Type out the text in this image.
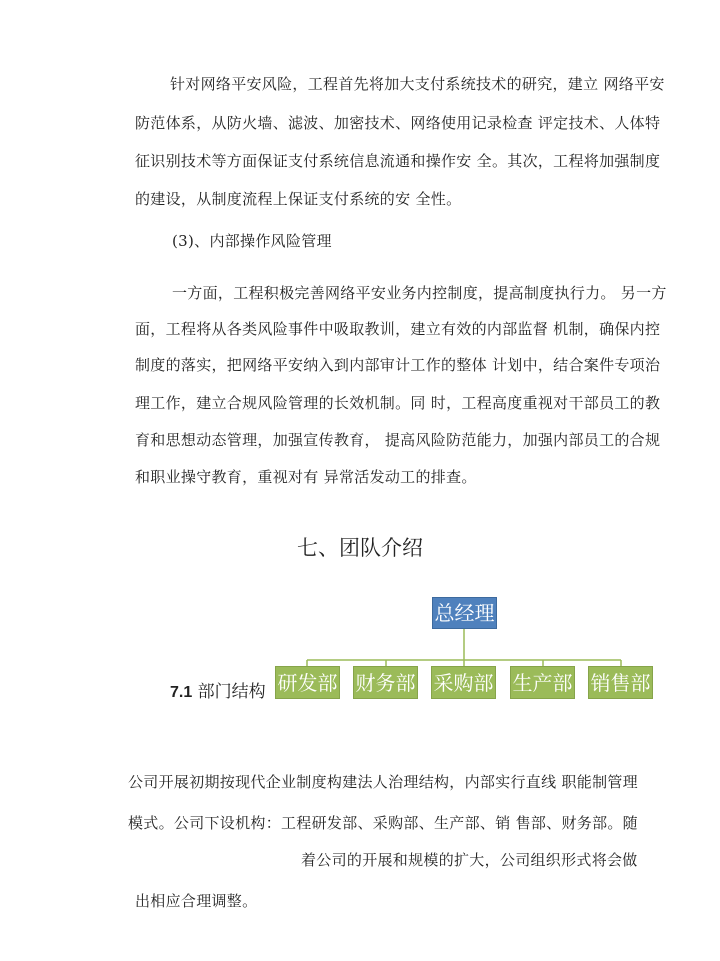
针对网络平安风险，工程首先将加大支付系统技术的研究，建立 网络平安
防范体系，从防火墙、滤波、加密技术、网络使用记录检查 评定技术、人体特
征识别技术等方面保证支付系统信息流通和操作安 全。其次，工程将加强制度
的建设，从制度流程上保证支付系统的安 全性。
(3)、内部操作风险管理
一方面，工程积极完善网络平安业务内控制度，提高制度执行力。 另一方
面，工程将从各类风险事件中吸取教训，建立有效的内部监督 机制，确保内控
制度的落实，把网络平安纳入到内部审计工作的整体 计划中，结合案件专项治
理工作，建立合规风险管理的长效机制。同 时，工程高度重视对干部员工的教
育和思想动态管理，加强宣传教育， 提高风险防范能力，加强内部员工的合规
和职业操守教育，重视对有 异常活发动工的排查。
七、团队介绍
总经理
研发部 财务部 采购部 生产部 销售部
7.1 部门结构
公司开展初期按现代企业制度构建法人治理结构，内部实行直线 职能制管理
模式。公司下设机构：工程研发部、采购部、生产部、销 售部、财务部。随
着公司的开展和规模的扩大，公司组织形式将会做
出相应合理调整。
